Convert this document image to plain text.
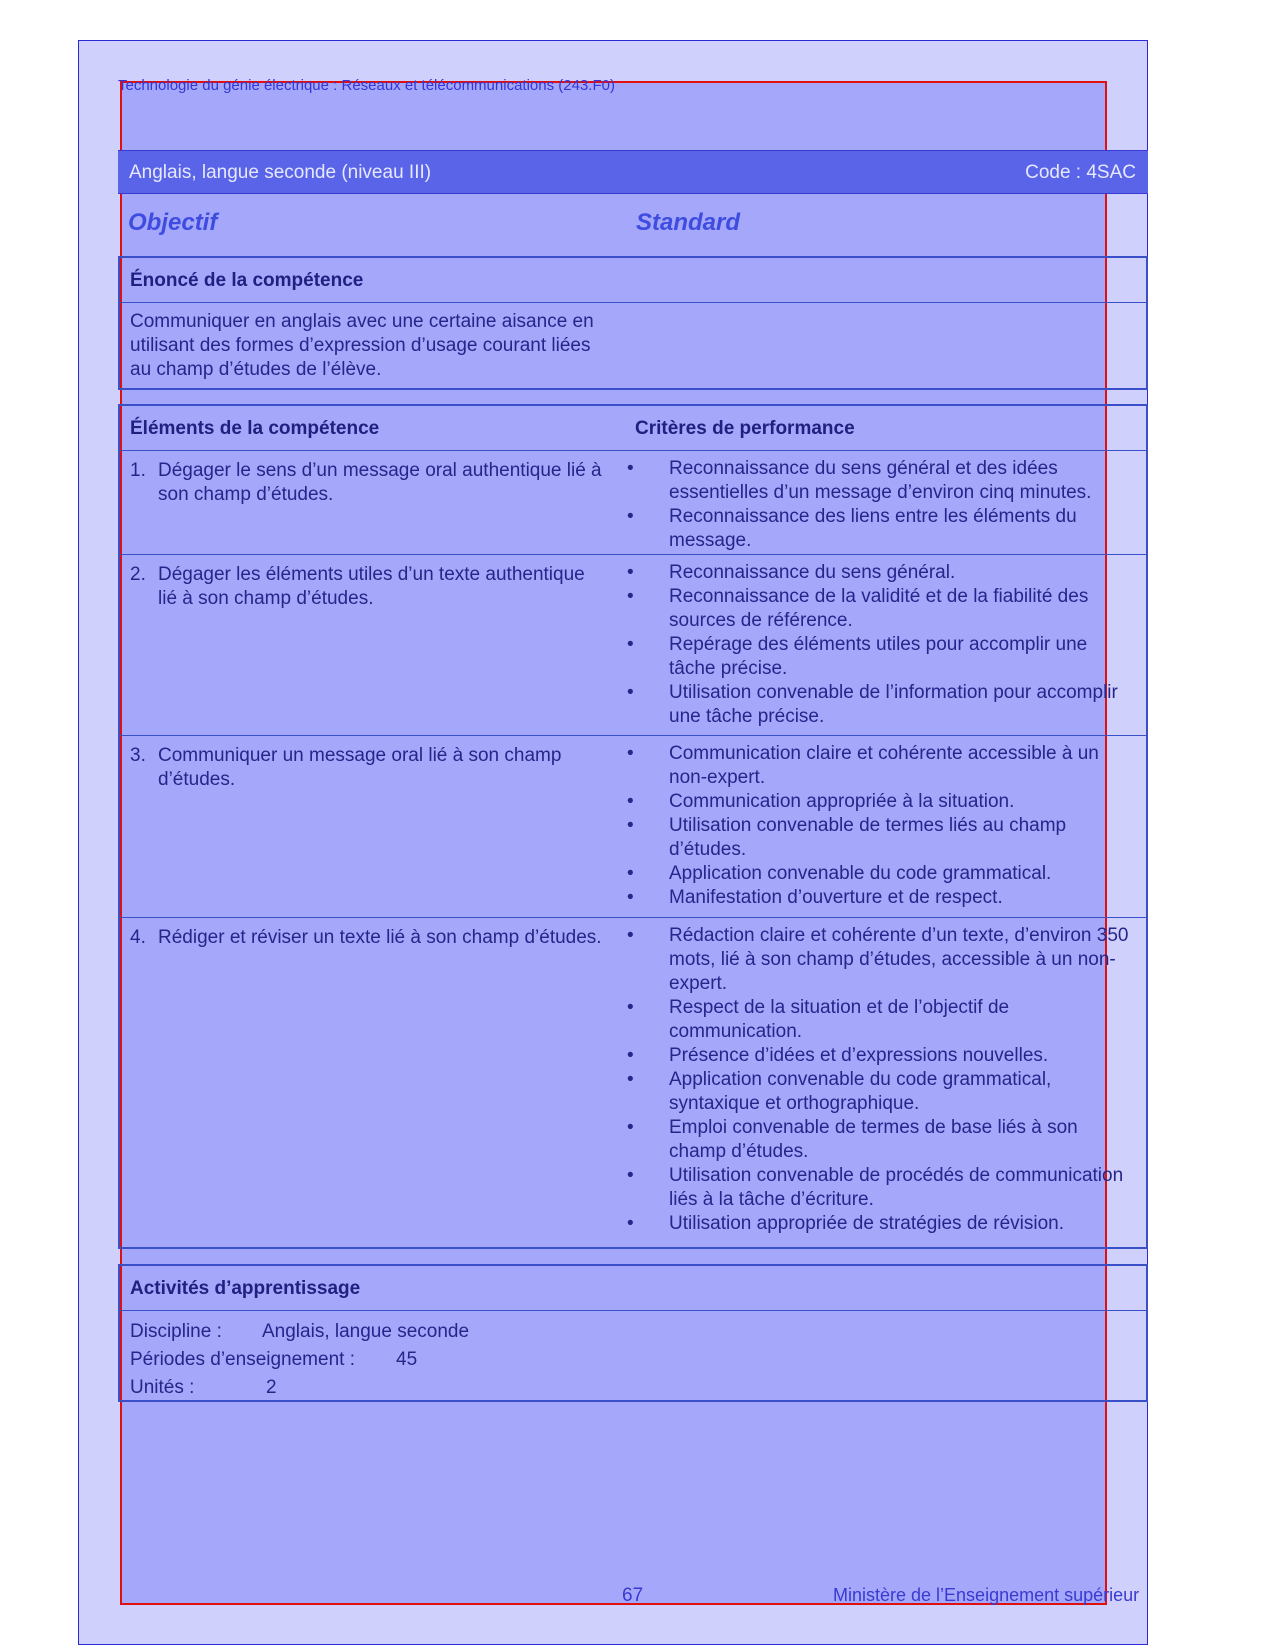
Technologie du génie électrique : Réseaux et télécommunications (243.F0)
Anglais, langue seconde (niveau III)	Code : 4SAC
Objectif	Standard
Énoncé de la compétence
Communiquer en anglais avec une certaine aisance en utilisant des formes d’expression d’usage courant liées au champ d’études de l’élève.
Éléments de la compétence	Critères de performance
1. Dégager le sens d’un message oral authentique lié à son champ d’études.
• Reconnaissance du sens général et des idées essentielles d’un message d’environ cinq minutes.
• Reconnaissance des liens entre les éléments du message.
2. Dégager les éléments utiles d’un texte authentique lié à son champ d’études.
• Reconnaissance du sens général.
• Reconnaissance de la validité et de la fiabilité des sources de référence.
• Repérage des éléments utiles pour accomplir une tâche précise.
• Utilisation convenable de l’information pour accomplir une tâche précise.
3. Communiquer un message oral lié à son champ d’études.
• Communication claire et cohérente accessible à un non-expert.
• Communication appropriée à la situation.
• Utilisation convenable de termes liés au champ d’études.
• Application convenable du code grammatical.
• Manifestation d’ouverture et de respect.
4. Rédiger et réviser un texte lié à son champ d’études.
•	Rédaction claire et cohérente d’un texte, d’environ 350 mots, lié à son champ d’études, accessible à un non-expert.
• Respect de la situation et de l’objectif de communication.
• Présence d’idées et d’expressions nouvelles.
• Application convenable du code grammatical, syntaxique et orthographique.
• Emploi convenable de termes de base liés à son champ d’études.
• Utilisation convenable de procédés de communication liés à la tâche d’écriture.
• Utilisation appropriée de stratégies de révision.
Activités d’apprentissage
Discipline : Anglais, langue seconde
Périodes d’enseignement : 45
Unités :	2
67	Ministère de l’Enseignement supérieur
